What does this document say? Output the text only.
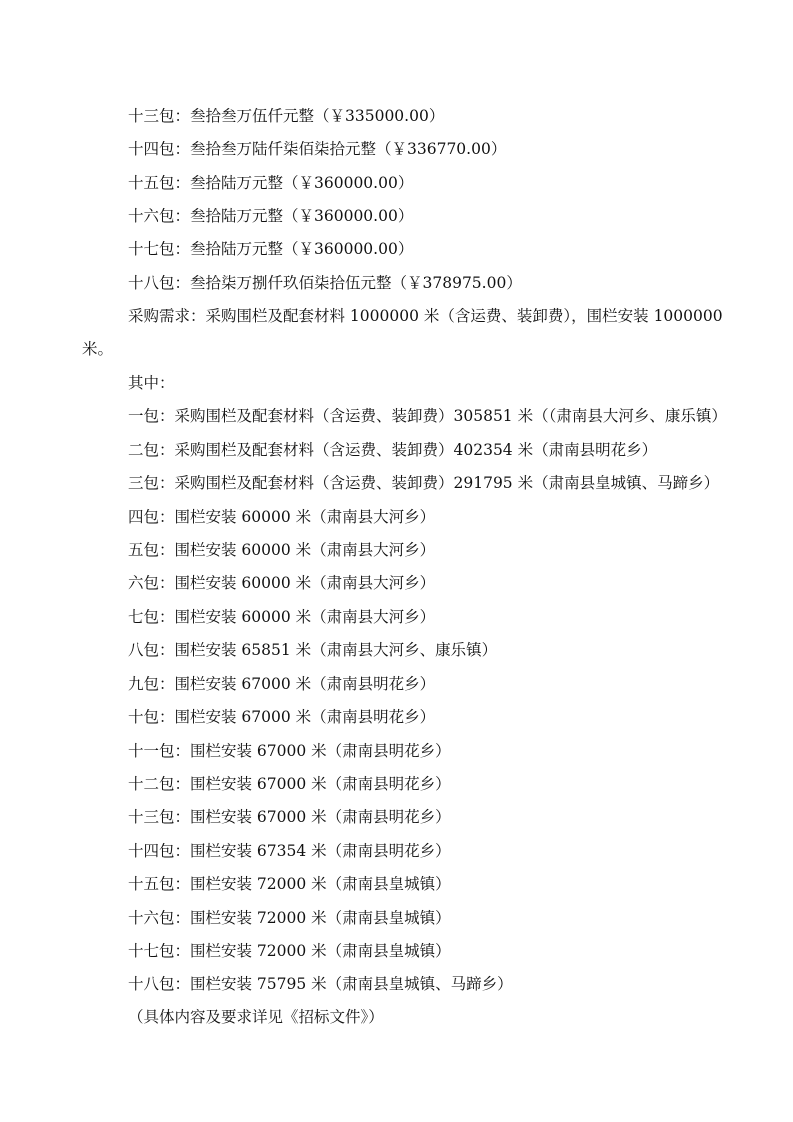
十三包：叁拾叁万伍仟元整（￥335000.00）
十四包：叁拾叁万陆仟柒佰柒拾元整（￥336770.00）
十五包：叁拾陆万元整（￥360000.00）
十六包：叁拾陆万元整（￥360000.00）
十七包：叁拾陆万元整（￥360000.00）
十八包：叁拾柒万捌仟玖佰柒拾伍元整（￥378975.00）
采购需求：采购围栏及配套材料 1000000 米（含运费、装卸费），围栏安装 1000000
米。
其中：
一包：采购围栏及配套材料（含运费、装卸费）305851 米（（肃南县大河乡、康乐镇）
二包：采购围栏及配套材料（含运费、装卸费）402354 米（肃南县明花乡）
三包：采购围栏及配套材料（含运费、装卸费）291795 米（肃南县皇城镇、马蹄乡）
四包：围栏安装 60000 米（肃南县大河乡）
五包：围栏安装 60000 米（肃南县大河乡）
六包：围栏安装 60000 米（肃南县大河乡）
七包：围栏安装 60000 米（肃南县大河乡）
八包：围栏安装 65851 米（肃南县大河乡、康乐镇）
九包：围栏安装 67000 米（肃南县明花乡）
十包：围栏安装 67000 米（肃南县明花乡）
十一包：围栏安装 67000 米（肃南县明花乡）
十二包：围栏安装 67000 米（肃南县明花乡）
十三包：围栏安装 67000 米（肃南县明花乡）
十四包：围栏安装 67354 米（肃南县明花乡）
十五包：围栏安装 72000 米（肃南县皇城镇）
十六包：围栏安装 72000 米（肃南县皇城镇）
十七包：围栏安装 72000 米（肃南县皇城镇）
十八包：围栏安装 75795 米（肃南县皇城镇、马蹄乡）
（具体内容及要求详见《招标文件》）
